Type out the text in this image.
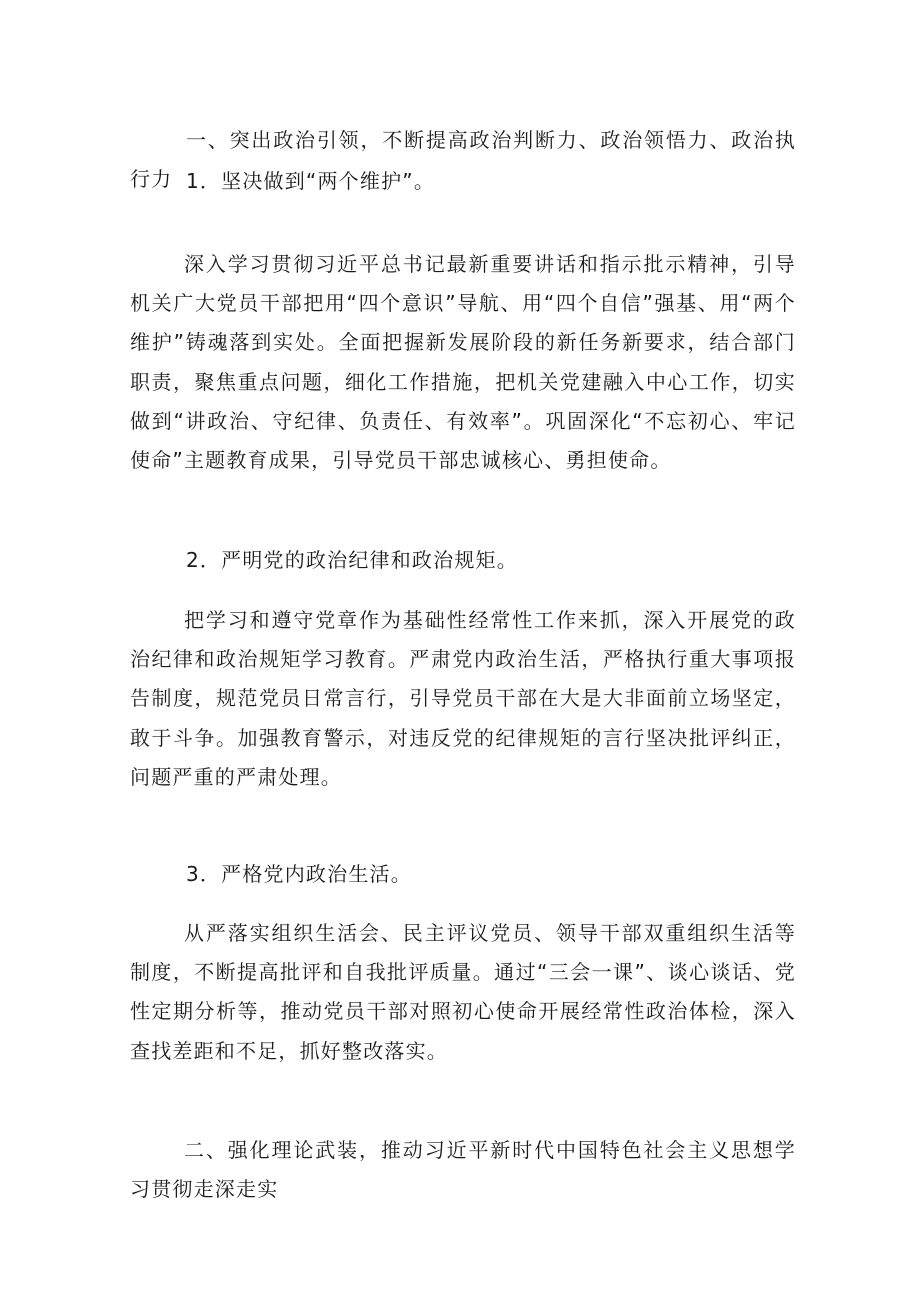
一、突出政治引领，不断提高政治判断力、政治领悟力、政治执行力 1．坚决做到“两个维护”。

深入学习贯彻习近平总书记最新重要讲话和指示批示精神，引导机关广大党员干部把用“四个意识”导航、用“四个自信”强基、用“两个维护”铸魂落到实处。全面把握新发展阶段的新任务新要求，结合部门职责，聚焦重点问题，细化工作措施，把机关党建融入中心工作，切实做到“讲政治、守纪律、负责任、有效率”。巩固深化“不忘初心、牢记使命”主题教育成果，引导党员干部忠诚核心、勇担使命。

2．严明党的政治纪律和政治规矩。

把学习和遵守党章作为基础性经常性工作来抓，深入开展党的政治纪律和政治规矩学习教育。严肃党内政治生活，严格执行重大事项报告制度，规范党员日常言行，引导党员干部在大是大非面前立场坚定，敢于斗争。加强教育警示，对违反党的纪律规矩的言行坚决批评纠正，问题严重的严肃处理。

3．严格党内政治生活。

从严落实组织生活会、民主评议党员、领导干部双重组织生活等制度，不断提高批评和自我批评质量。通过“三会一课”、谈心谈话、党性定期分析等，推动党员干部对照初心使命开展经常性政治体检，深入查找差距和不足，抓好整改落实。

二、强化理论武装，推动习近平新时代中国特色社会主义思想学习贯彻走深走实
